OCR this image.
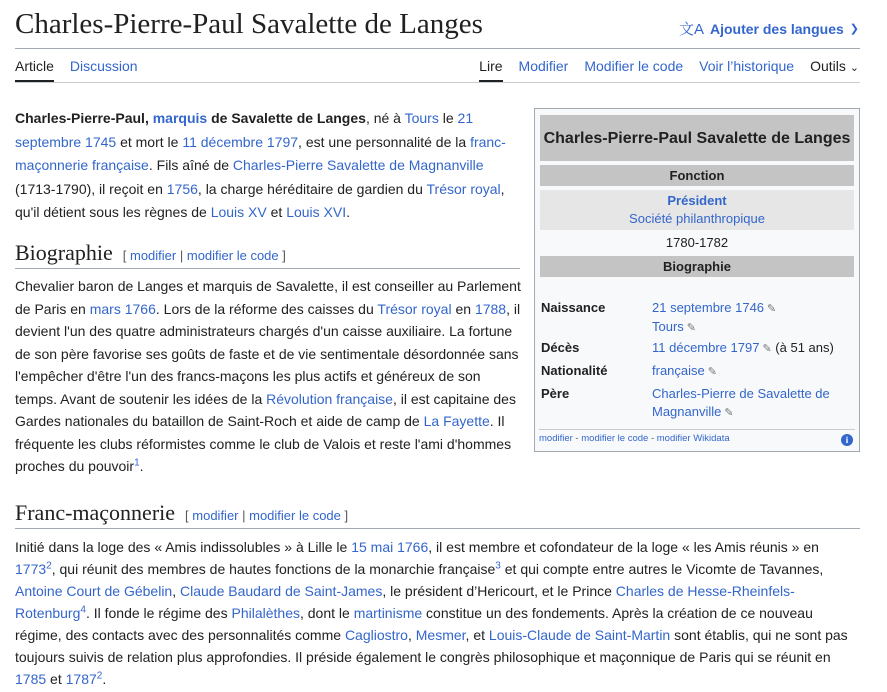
Charles-Pierre-Paul Savalette de Langes	文A Ajouter des langues ❯
Article Discussion	Lire Modifier Modifier le code Voir l’historique Outils ⌄
Charles-Pierre-Paul, marquis de Savalette de Langes, né à Tours le 21 septembre 1745 et mort le 11 décembre 1797, est une personnalité de la franc-maçonnerie française. Fils aîné de Charles-Pierre Savalette de Magnanville (1713-1790), il reçoit en 1756, la charge héréditaire de gardien du Trésor royal, qu'il détient sous les règnes de Louis XV et Louis XVI.
Biographie [ modifier | modifier le code ]
Chevalier baron de Langes et marquis de Savalette, il est conseiller au Parlement de Paris en mars 1766. Lors de la réforme des caisses du Trésor royal en 1788, il devient l'un des quatre administrateurs chargés d'un caisse auxiliaire. La fortune de son père favorise ses goûts de faste et de vie sentimentale désordonnée sans l'empêcher d'être l'un des francs-maçons les plus actifs et généreux de son temps. Avant de soutenir les idées de la Révolution française, il est capitaine des Gardes nationales du bataillon de Saint-Roch et aide de camp de La Fayette. Il fréquente les clubs réformistes comme le club de Valois et reste l'ami d'hommes proches du pouvoir$^1$.
Franc-maçonnerie [ modifier | modifier le code ]
Initié dans la loge des « Amis indissolubles » à Lille le 15 mai 1766, il est membre et cofondateur de la loge « les Amis réunis » en 1773$^2$, qui réunit des membres de hautes fonctions de la monarchie française$^3$ et qui compte entre autres le Vicomte de Tavannes, Antoine Court de Gébelin, Claude Baudard de Saint-James, le président d’Hericourt, et le Prince Charles de Hesse-Rheinfels-Rotenburg$^4$. Il fonde le régime des Philalèthes, dont le martinisme constitue un des fondements. Après la création de ce nouveau régime, des contacts avec des personnalités comme Cagliostro, Mesmer, et Louis-Claude de Saint-Martin sont établis, qui ne sont pas toujours suivis de relation plus approfondies. Il préside également le congrès philosophique et maçonnique de Paris qui se réunit en 1785 et 1787$^2$.
Charles-Pierre-Paul Savalette de Langes
Fonction
Président
Société philanthropique
1780-1782
Biographie
Naissance	21 septembre 1746 ✎
Tours ✎
Décès	11 décembre 1797 ✎ (à 51 ans)
Nationalité	française ✎
Père	Charles-Pierre de Savalette de Magnanville ✎
modifier - modifier le code - modifier Wikidata	i
